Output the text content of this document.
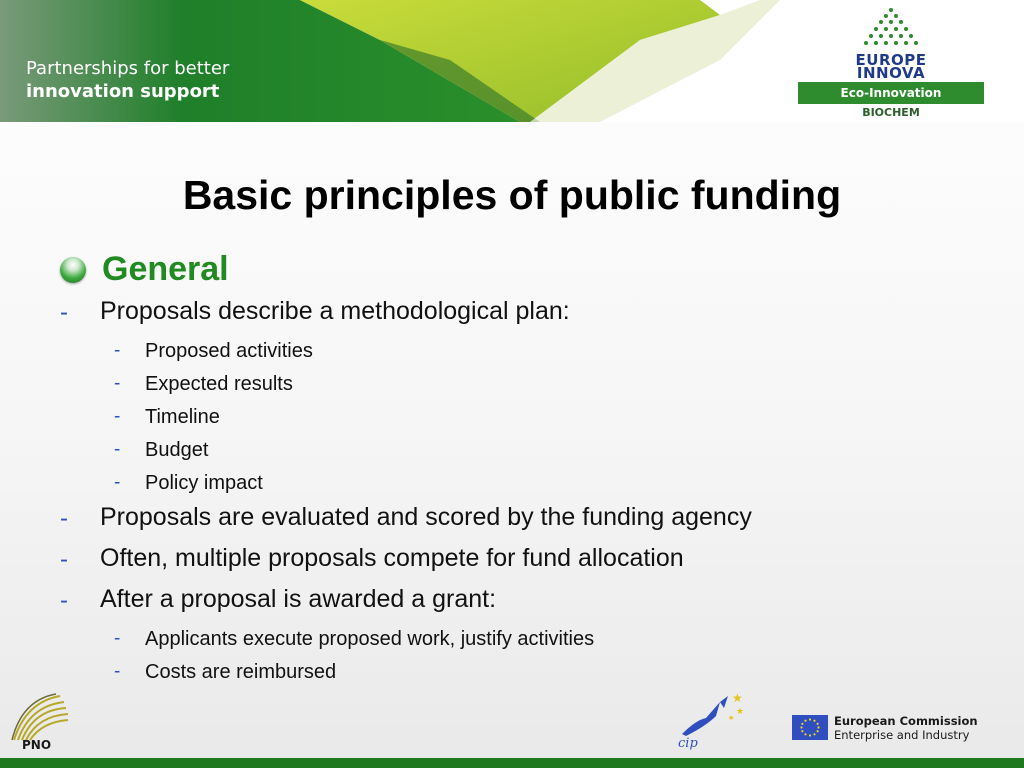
Partnerships for better
innovation support
EUROPE
INNOVA
Eco-Innovation
BIOCHEM
Basic principles of public funding
General
- Proposals describe a methodological plan:
- Proposed activities
- Expected results
- Timeline
- Budget
- Policy impact
- Proposals are evaluated and scored by the funding agency
- Often, multiple proposals compete for fund allocation
- After a proposal is awarded a grant:
- Applicants execute proposed work, justify activities
- Costs are reimbursed
PNO
★
★
★
cip
European Commission
Enterprise and Industry
